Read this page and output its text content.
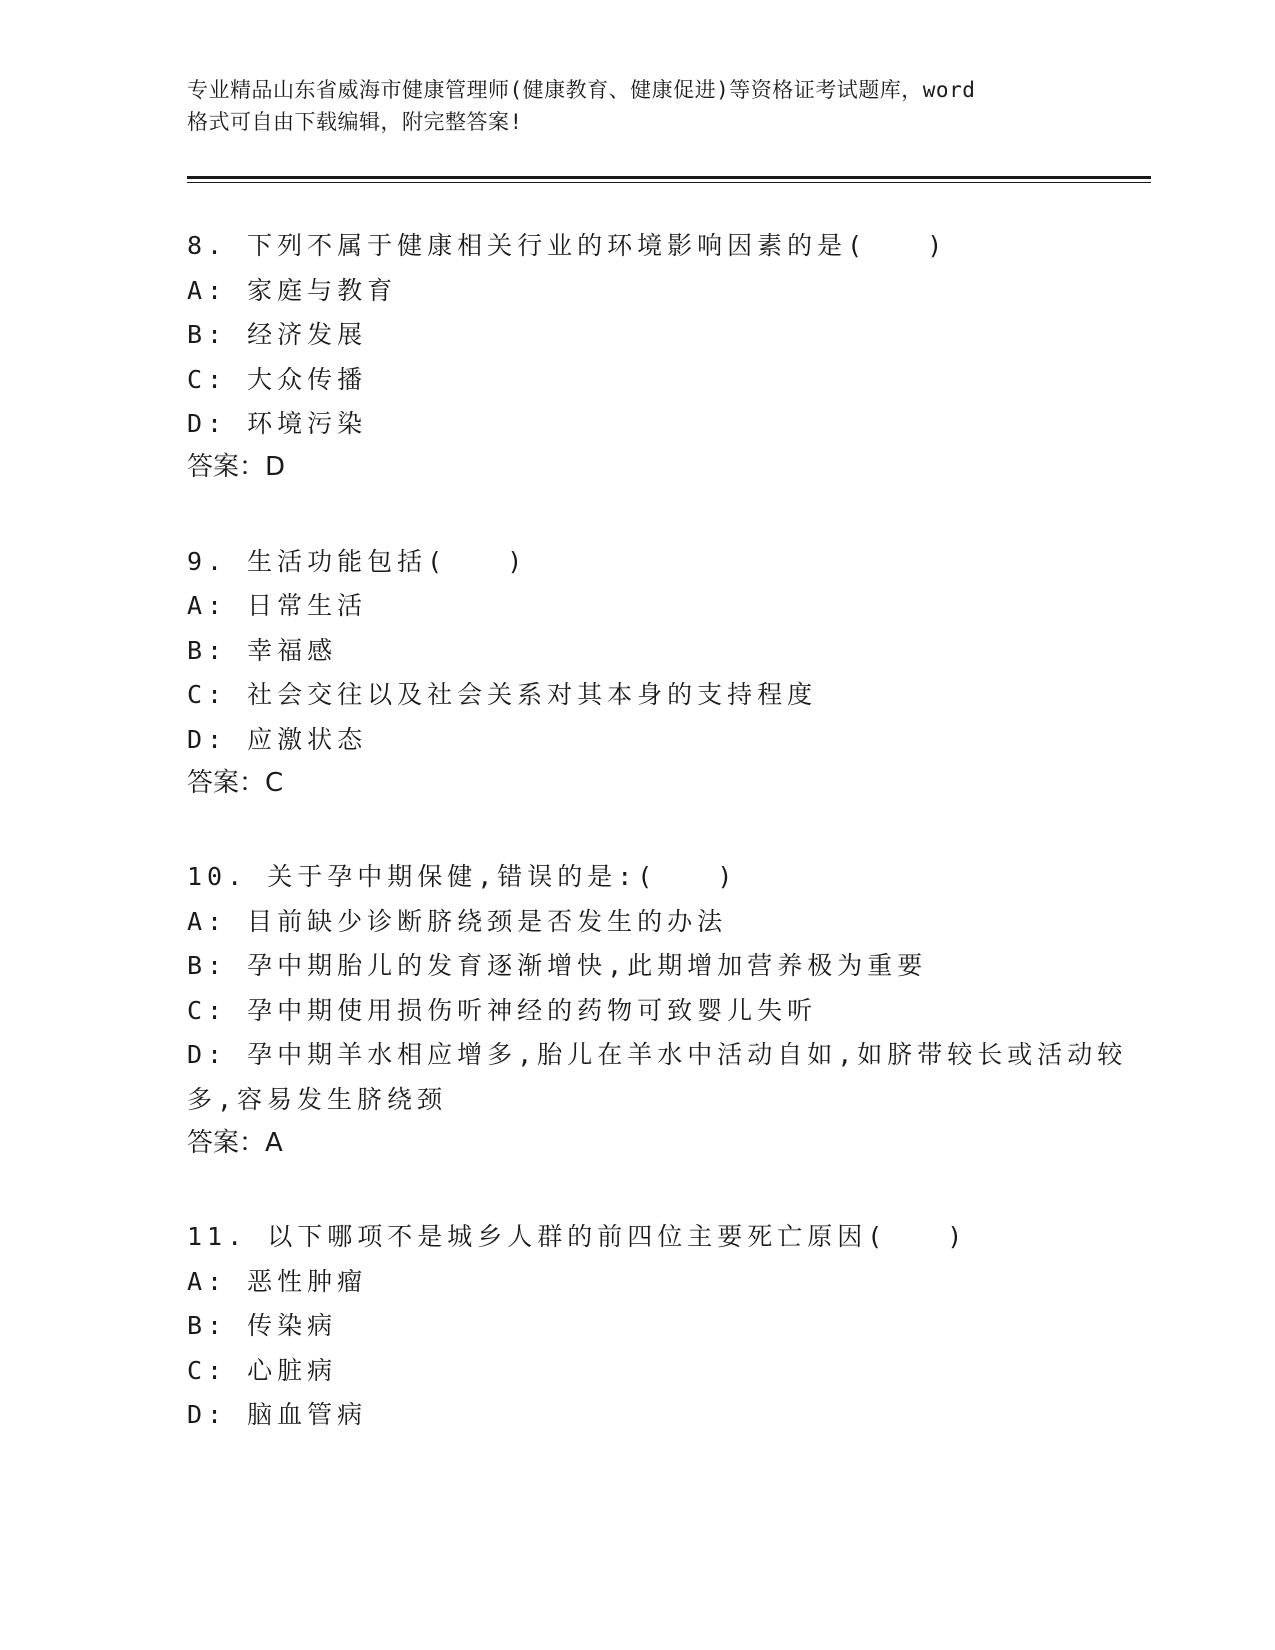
专业精品山东省威海市健康管理师(健康教育、健康促进)等资格证考试题库，word
格式可自由下载编辑，附完整答案!
8. 下列不属于健康相关行业的环境影响因素的是(　　)
A: 家庭与教育
B: 经济发展
C: 大众传播
D: 环境污染
答案：D
9. 生活功能包括(　　)
A: 日常生活
B: 幸福感
C: 社会交往以及社会关系对其本身的支持程度
D: 应激状态
答案：C
10. 关于孕中期保健,错误的是:(　　)
A: 目前缺少诊断脐绕颈是否发生的办法
B: 孕中期胎儿的发育逐渐增快,此期增加营养极为重要
C: 孕中期使用损伤听神经的药物可致婴儿失听
D: 孕中期羊水相应增多,胎儿在羊水中活动自如,如脐带较长或活动较
多,容易发生脐绕颈
答案：A
11. 以下哪项不是城乡人群的前四位主要死亡原因(　　)
A: 恶性肿瘤
B: 传染病
C: 心脏病
D: 脑血管病
